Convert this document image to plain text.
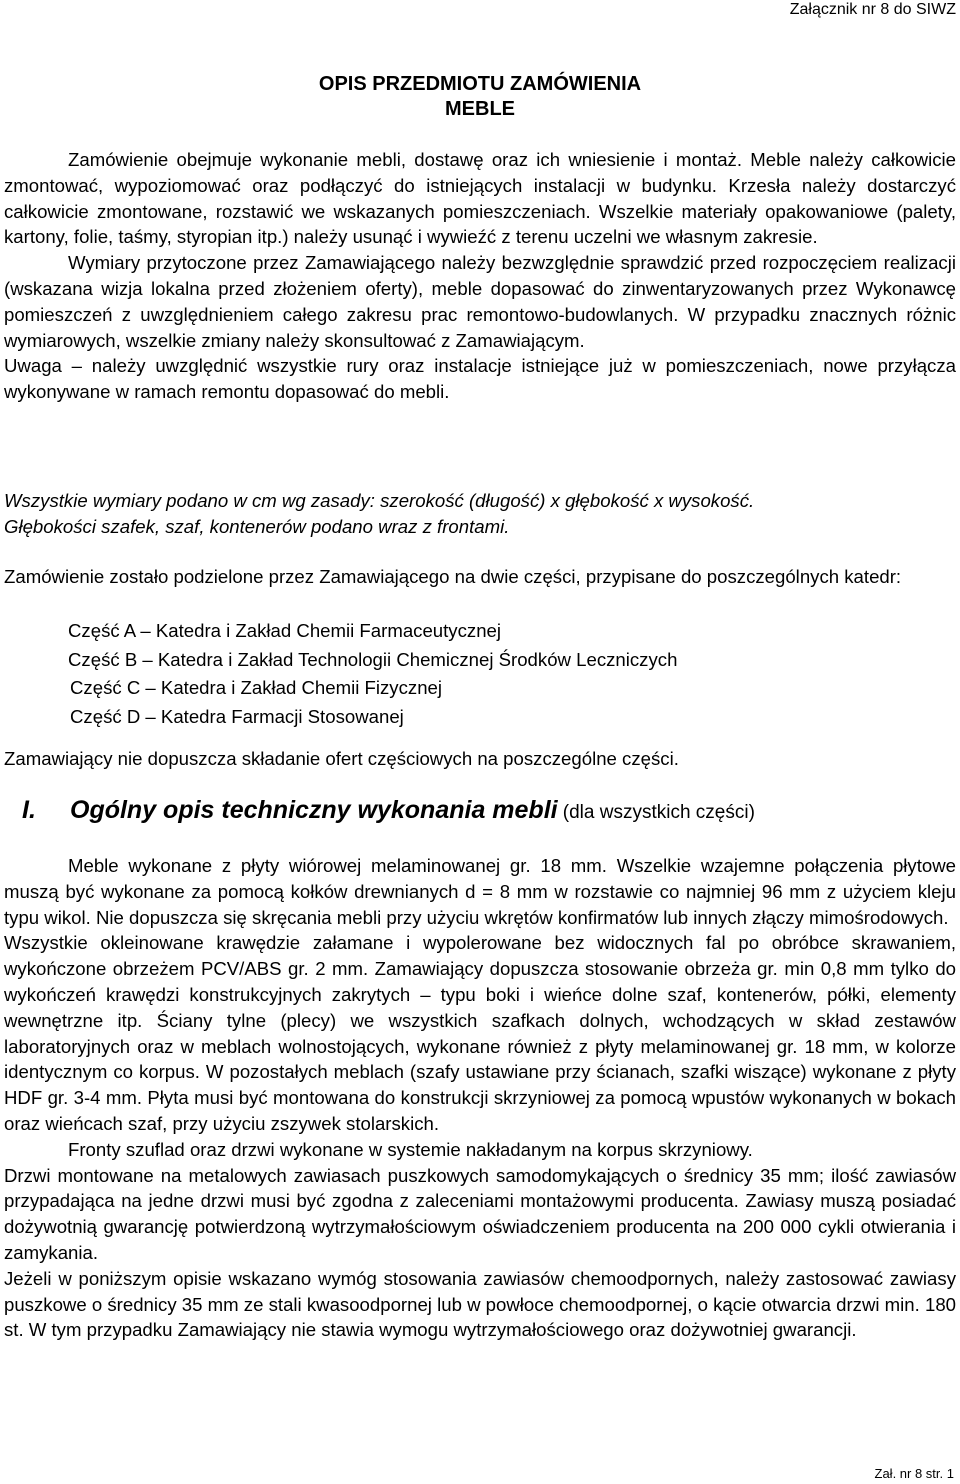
Załącznik nr 8 do SIWZ
OPIS PRZEDMIOTU ZAMÓWIENIA
MEBLE

Zamówienie obejmuje wykonanie mebli, dostawę oraz ich wniesienie i montaż. Meble należy całkowicie zmontować, wypoziomować oraz podłączyć do istniejących instalacji w budynku. Krzesła należy dostarczyć całkowicie zmontowane, rozstawić we wskazanych pomieszczeniach. Wszelkie materiały opakowaniowe (palety, kartony, folie, taśmy, styropian itp.) należy usunąć i wywieźć z terenu uczelni we własnym zakresie.

Wymiary przytoczone przez Zamawiającego należy bezwzględnie sprawdzić przed rozpoczęciem realizacji (wskazana wizja lokalna przed złożeniem oferty), meble dopasować do zinwentaryzowanych przez Wykonawcę pomieszczeń z uwzględnieniem całego zakresu prac remontowo-budowlanych. W przypadku znacznych różnic wymiarowych, wszelkie zmiany należy skonsultować z Zamawiającym.

Uwaga – należy uwzględnić wszystkie rury oraz instalacje istniejące już w pomieszczeniach, nowe przyłącza wykonywane w ramach remontu dopasować do mebli.

Wszystkie wymiary podano w cm wg zasady: szerokość (długość) x głębokość x wysokość.

Głębokości szafek, szaf, kontenerów podano wraz z frontami.

Zamówienie zostało podzielone przez Zamawiającego na dwie części, przypisane do poszczególnych katedr:

Część A – Katedra i Zakład Chemii Farmaceutycznej
Część B – Katedra i Zakład Technologii Chemicznej Środków Leczniczych
Część C – Katedra i Zakład Chemii Fizycznej
Część D – Katedra Farmacji Stosowanej

Zamawiający nie dopuszcza składanie ofert częściowych na poszczególne części.

I. Ogólny opis techniczny wykonania mebli (dla wszystkich części)

Meble wykonane z płyty wiórowej melaminowanej gr. 18 mm. Wszelkie wzajemne połączenia płytowe muszą być wykonane za pomocą kołków drewnianych d = 8 mm w rozstawie co najmniej 96 mm z użyciem kleju typu wikol. Nie dopuszcza się skręcania mebli przy użyciu wkrętów konfirmatów lub innych złączy mimośrodowych.

Wszystkie okleinowane krawędzie załamane i wypolerowane bez widocznych fal po obróbce skrawaniem, wykończone obrzeżem PCV/ABS gr. 2 mm. Zamawiający dopuszcza stosowanie obrzeża gr. min 0,8 mm tylko do wykończeń krawędzi konstrukcyjnych zakrytych – typu boki i wieńce dolne szaf, kontenerów, półki, elementy wewnętrzne itp. Ściany tylne (plecy) we wszystkich szafkach dolnych, wchodzących w skład zestawów laboratoryjnych oraz w meblach wolnostojących, wykonane również z płyty melaminowanej gr. 18 mm, w kolorze identycznym co korpus. W pozostałych meblach (szafy ustawiane przy ścianach, szafki wiszące) wykonane z płyty HDF gr. 3-4 mm. Płyta musi być montowana do konstrukcji skrzyniowej za pomocą wpustów wykonanych w bokach oraz wieńcach szaf, przy użyciu zszywek stolarskich.

Fronty szuflad oraz drzwi wykonane w systemie nakładanym na korpus skrzyniowy.

Drzwi montowane na metalowych zawiasach puszkowych samodomykających o średnicy 35 mm; ilość zawiasów przypadająca na jedne drzwi musi być zgodna z zaleceniami montażowymi producenta. Zawiasy muszą posiadać dożywotnią gwarancję potwierdzoną wytrzymałościowym oświadczeniem producenta na 200 000 cykli otwierania i zamykania.

Jeżeli w poniższym opisie wskazano wymóg stosowania zawiasów chemoodpornych, należy zastosować zawiasy puszkowe o średnicy 35 mm ze stali kwasoodpornej lub w powłoce chemoodpornej, o kącie otwarcia drzwi min. 180 st. W tym przypadku Zamawiający nie stawia wymogu wytrzymałościowego oraz dożywotniej gwarancji.

Zał. nr 8 str. 1
